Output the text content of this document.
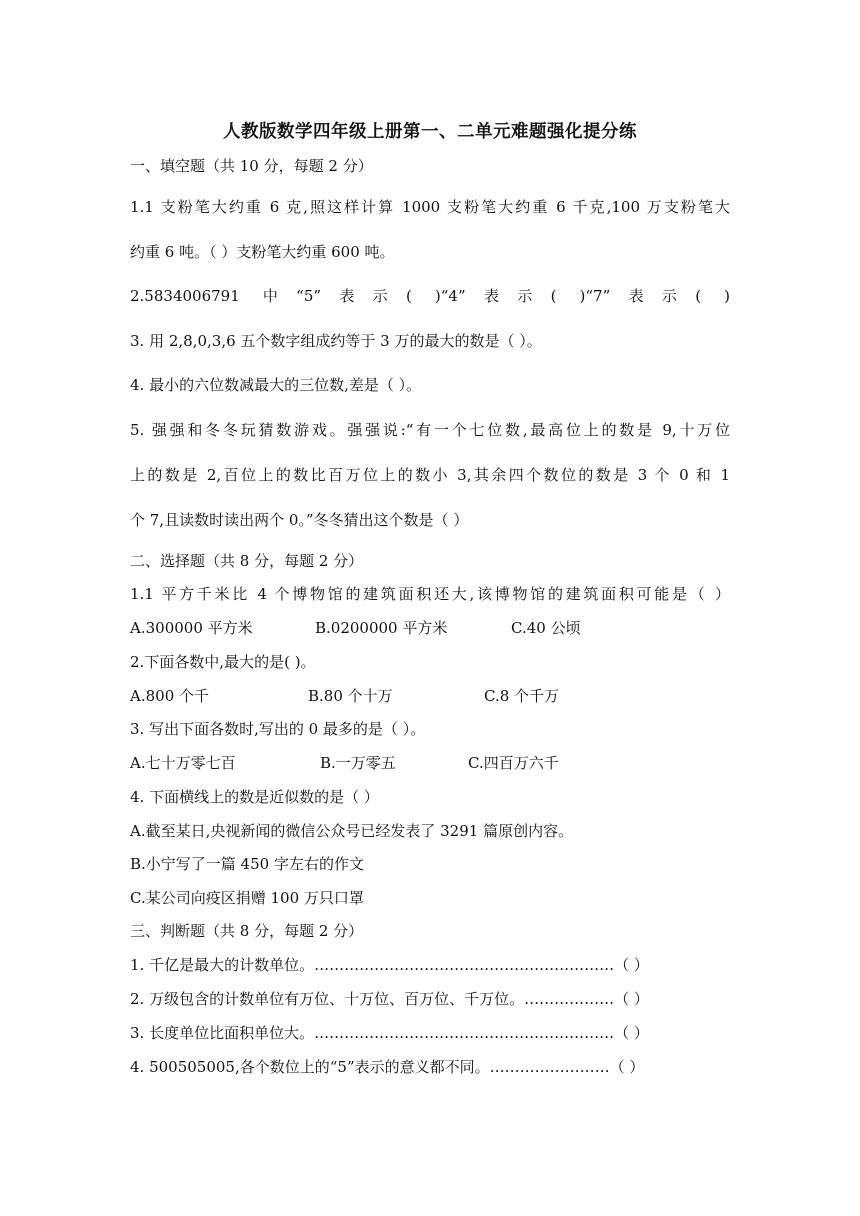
人教版数学四年级上册第一、二单元难题强化提分练
一、填空题（共 10 分，每题 2 分）
1.1 支粉笔大约重 6 克,照这样计算 1000 支粉笔大约重 6 千克,100 万支粉笔大
约重 6 吨。（ ）支粉笔大约重 600 吨。
2.5834006791 中“5”表示( )“4”表示( )“7”表示( )
3. 用 2,8,0,3,6 五个数字组成约等于 3 万的最大的数是（ ）。
4. 最小的六位数减最大的三位数,差是（ ）。
5. 强强和冬冬玩猜数游戏。强强说:“有一个七位数,最高位上的数是 9,十万位
上的数是 2,百位上的数比百万位上的数小 3,其余四个数位的数是 3 个 0 和 1
个 7,且读数时读出两个 0。”冬冬猜出这个数是（ ）
二、选择题（共 8 分，每题 2 分）
1.1 平方千米比 4 个博物馆的建筑面积还大,该博物馆的建筑面积可能是（ ）
A.300000 平方米	B.0200000 平方米	C.40 公顷
2.下面各数中,最大的是( )。
A.800 个千	B.80 个十万	C.8 个千万
3. 写出下面各数时,写出的 0 最多的是（ ）。
A.七十万零七百	B.一万零五	C.四百万六千
4. 下面横线上的数是近似数的是（ ）
A.截至某日,央视新闻的微信公众号已经发表了 3291 篇原创内容。
B.小宁写了一篇 450 字左右的作文
C.某公司向疫区捐赠 100 万只口罩
三、判断题（共 8 分，每题 2 分）
1. 千亿是最大的计数单位。……………………………………………………（ ）
2. 万级包含的计数单位有万位、十万位、百万位、千万位。………………（ ）
3. 长度单位比面积单位大。……………………………………………………（ ）
4. 500505005,各个数位上的“5”表示的意义都不同。……………………（ ）
